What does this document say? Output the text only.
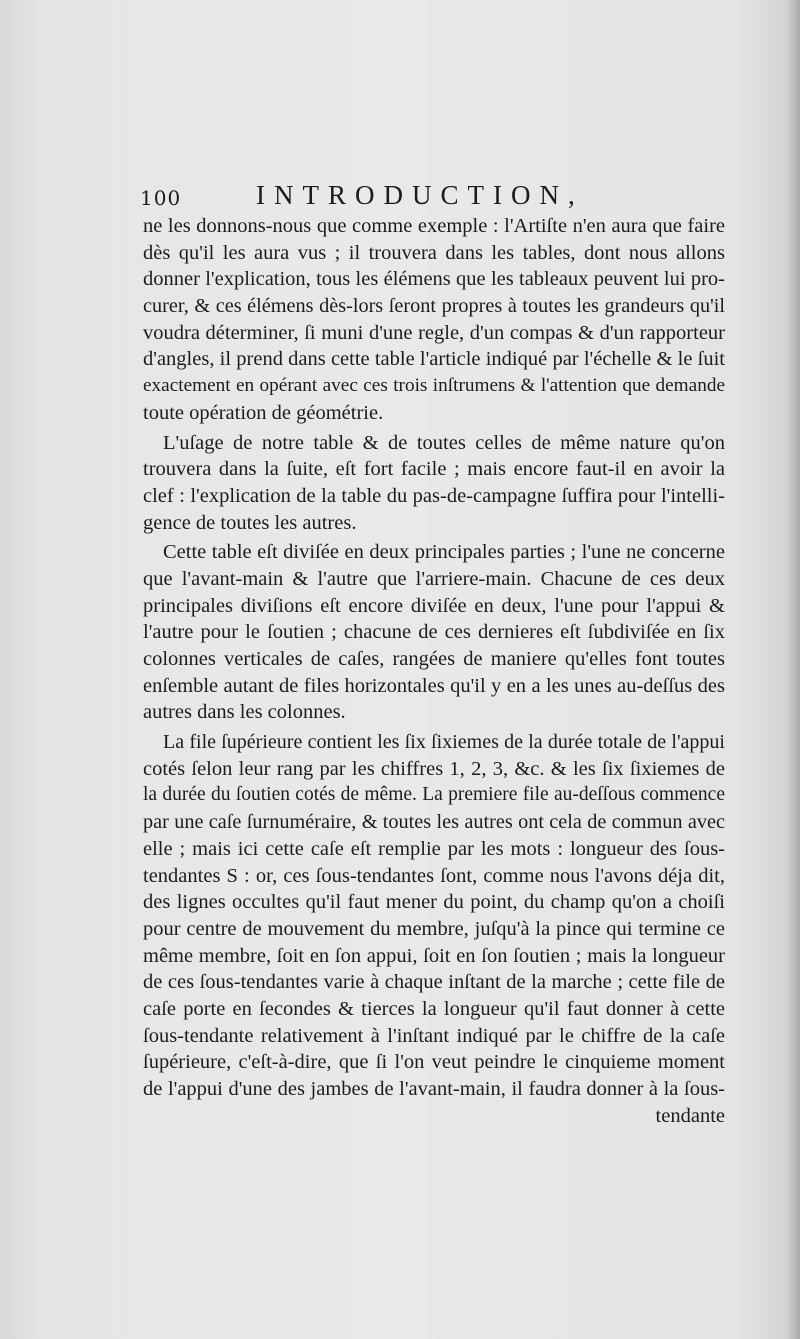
100	INTRODUCTION,
ne les donnons-nous que comme exemple : l'Artiſte n'en aura que faire
dès qu'il les aura vus ; il trouvera dans les tables, dont nous allons
donner l'explication, tous les élémens que les tableaux peuvent lui pro-
curer, & ces élémens dès-lors ſeront propres à toutes les grandeurs qu'il
voudra déterminer, ſi muni d'une regle, d'un compas & d'un rapporteur
d'angles, il prend dans cette table l'article indiqué par l'échelle & le ſuit
exactement en opérant avec ces trois inſtrumens & l'attention que demande
toute opération de géométrie.
L'uſage de notre table & de toutes celles de même nature qu'on
trouvera dans la ſuite, eſt fort facile ; mais encore faut-il en avoir la
clef : l'explication de la table du pas-de-campagne ſuffira pour l'intelli-
gence de toutes les autres.
Cette table eſt diviſée en deux principales parties ; l'une ne concerne
que l'avant-main & l'autre que l'arriere-main. Chacune de ces deux
principales diviſions eſt encore diviſée en deux, l'une pour l'appui &
l'autre pour le ſoutien ; chacune de ces dernieres eſt ſubdiviſée en ſix
colonnes verticales de caſes, rangées de maniere qu'elles font toutes
enſemble autant de files horizontales qu'il y en a les unes au-deſſus des
autres dans les colonnes.
La file ſupérieure contient les ſix ſixiemes de la durée totale de l'appui
cotés ſelon leur rang par les chiffres 1, 2, 3, &c. & les ſix ſixiemes de
la durée du ſoutien cotés de même. La premiere file au-deſſous commence
par une caſe ſurnuméraire, & toutes les autres ont cela de commun avec
elle ; mais ici cette caſe eſt remplie par les mots : longueur des ſous-
tendantes S : or, ces ſous-tendantes ſont, comme nous l'avons déja dit,
des lignes occultes qu'il faut mener du point, du champ qu'on a choiſi
pour centre de mouvement du membre, juſqu'à la pince qui termine ce
même membre, ſoit en ſon appui, ſoit en ſon ſoutien ; mais la longueur
de ces ſous-tendantes varie à chaque inſtant de la marche ; cette file de
caſe porte en ſecondes & tierces la longueur qu'il faut donner à cette
ſous-tendante relativement à l'inſtant indiqué par le chiffre de la caſe
ſupérieure, c'eſt-à-dire, que ſi l'on veut peindre le cinquieme moment
de l'appui d'une des jambes de l'avant-main, il faudra donner à la ſous-
tendante
